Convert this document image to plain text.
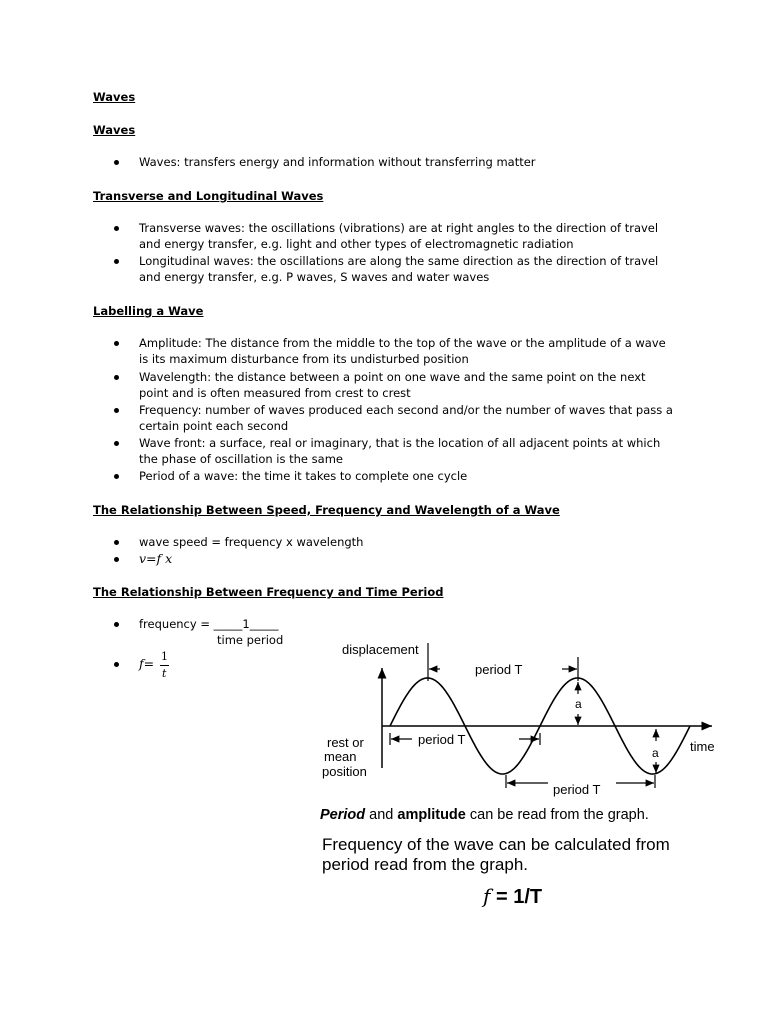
Waves
Waves
Waves: transfers energy and information without transferring matter
Transverse and Longitudinal Waves
Transverse waves: the oscillations (vibrations) are at right angles to the direction of travel
and energy transfer, e.g. light and other types of electromagnetic radiation
Longitudinal waves: the oscillations are along the same direction as the direction of travel
and energy transfer, e.g. P waves, S waves and water waves
Labelling a Wave
Amplitude: The distance from the middle to the top of the wave or the amplitude of a wave
is its maximum disturbance from its undisturbed position
Wavelength: the distance between a point on one wave and the same point on the next
point and is often measured from crest to crest
Frequency: number of waves produced each second and/or the number of waves that pass a
certain point each second
Wave front: a surface, real or imaginary, that is the location of all adjacent points at which
the phase of oscillation is the same
Period of a wave: the time it takes to complete one cycle
The Relationship Between Speed, Frequency and Wavelength of a Wave
wave speed = frequency x wavelength
v=f x
The Relationship Between Frequency and Time Period
frequency = _____1_____
time period
f= 1
t
displacement
period T
a
a
rest or
mean
position
period T	time
period T
Period and amplitude can be read from the graph.
Frequency of the wave can be calculated from
period read from the graph.
f = 1/T
